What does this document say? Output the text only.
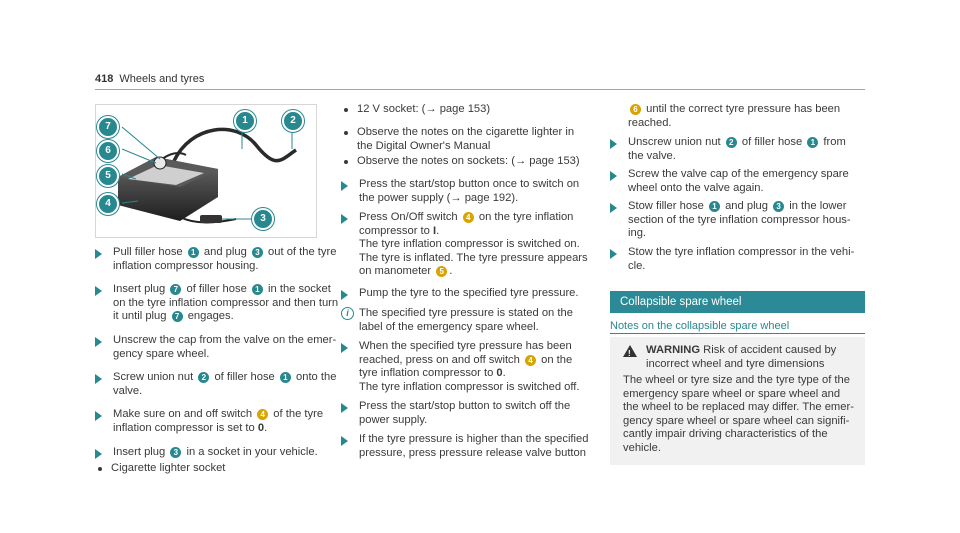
418 Wheels and tyres
7
6
5
4
1	2
3
Pull filler hose 1 and plug 3 out of the tyre
inflation compressor housing.
Insert plug 7 of filler hose 1 in the socket
on the tyre inflation compressor and then turn
it until plug 7 engages.
Unscrew the cap from the valve on the emer-
gency spare wheel.
Screw union nut 2 of filler hose 1 onto the
valve.
Make sure on and off switch 4 of the tyre
inflation compressor is set to 0.
Insert plug 3 in a socket in your vehicle.
Cigarette lighter socket
12 V socket: (→ page 153)
Observe the notes on the cigarette lighter in
the Digital Owner's Manual
Observe the notes on sockets: (→ page 153)
Press the start/stop button once to switch on
the power supply (→ page 192).
Press On/Off switch 4 on the tyre inflation
compressor to I.
The tyre inflation compressor is switched on.
The tyre is inflated. The tyre pressure appears
on manometer 5 .
Pump the tyre to the specified tyre pressure.
i The specified tyre pressure is stated on the
label of the emergency spare wheel.
When the specified tyre pressure has been
reached, press on and off switch 4 on the
tyre inflation compressor to 0.
The tyre inflation compressor is switched off.
Press the start/stop button to switch off the
power supply.
If the tyre pressure is higher than the specified
pressure, press pressure release valve button
6 until the correct tyre pressure has been
reached.
Unscrew union nut 2 of filler hose 1 from
the valve.
Screw the valve cap of the emergency spare
wheel onto the valve again.
Stow filler hose 1 and plug 3 in the lower
section of the tyre inflation compressor hous-
ing.
Stow the tyre inflation compressor in the vehi-
cle.
Collapsible spare wheel
Notes on the collapsible spare wheel
! WARNING Risk of accident caused by
incorrect wheel and tyre dimensions
The wheel or tyre size and the tyre type of the
emergency spare wheel or spare wheel and
the wheel to be replaced may differ. The emer-
gency spare wheel or spare wheel can signifi-
cantly impair driving characteristics of the
vehicle.
